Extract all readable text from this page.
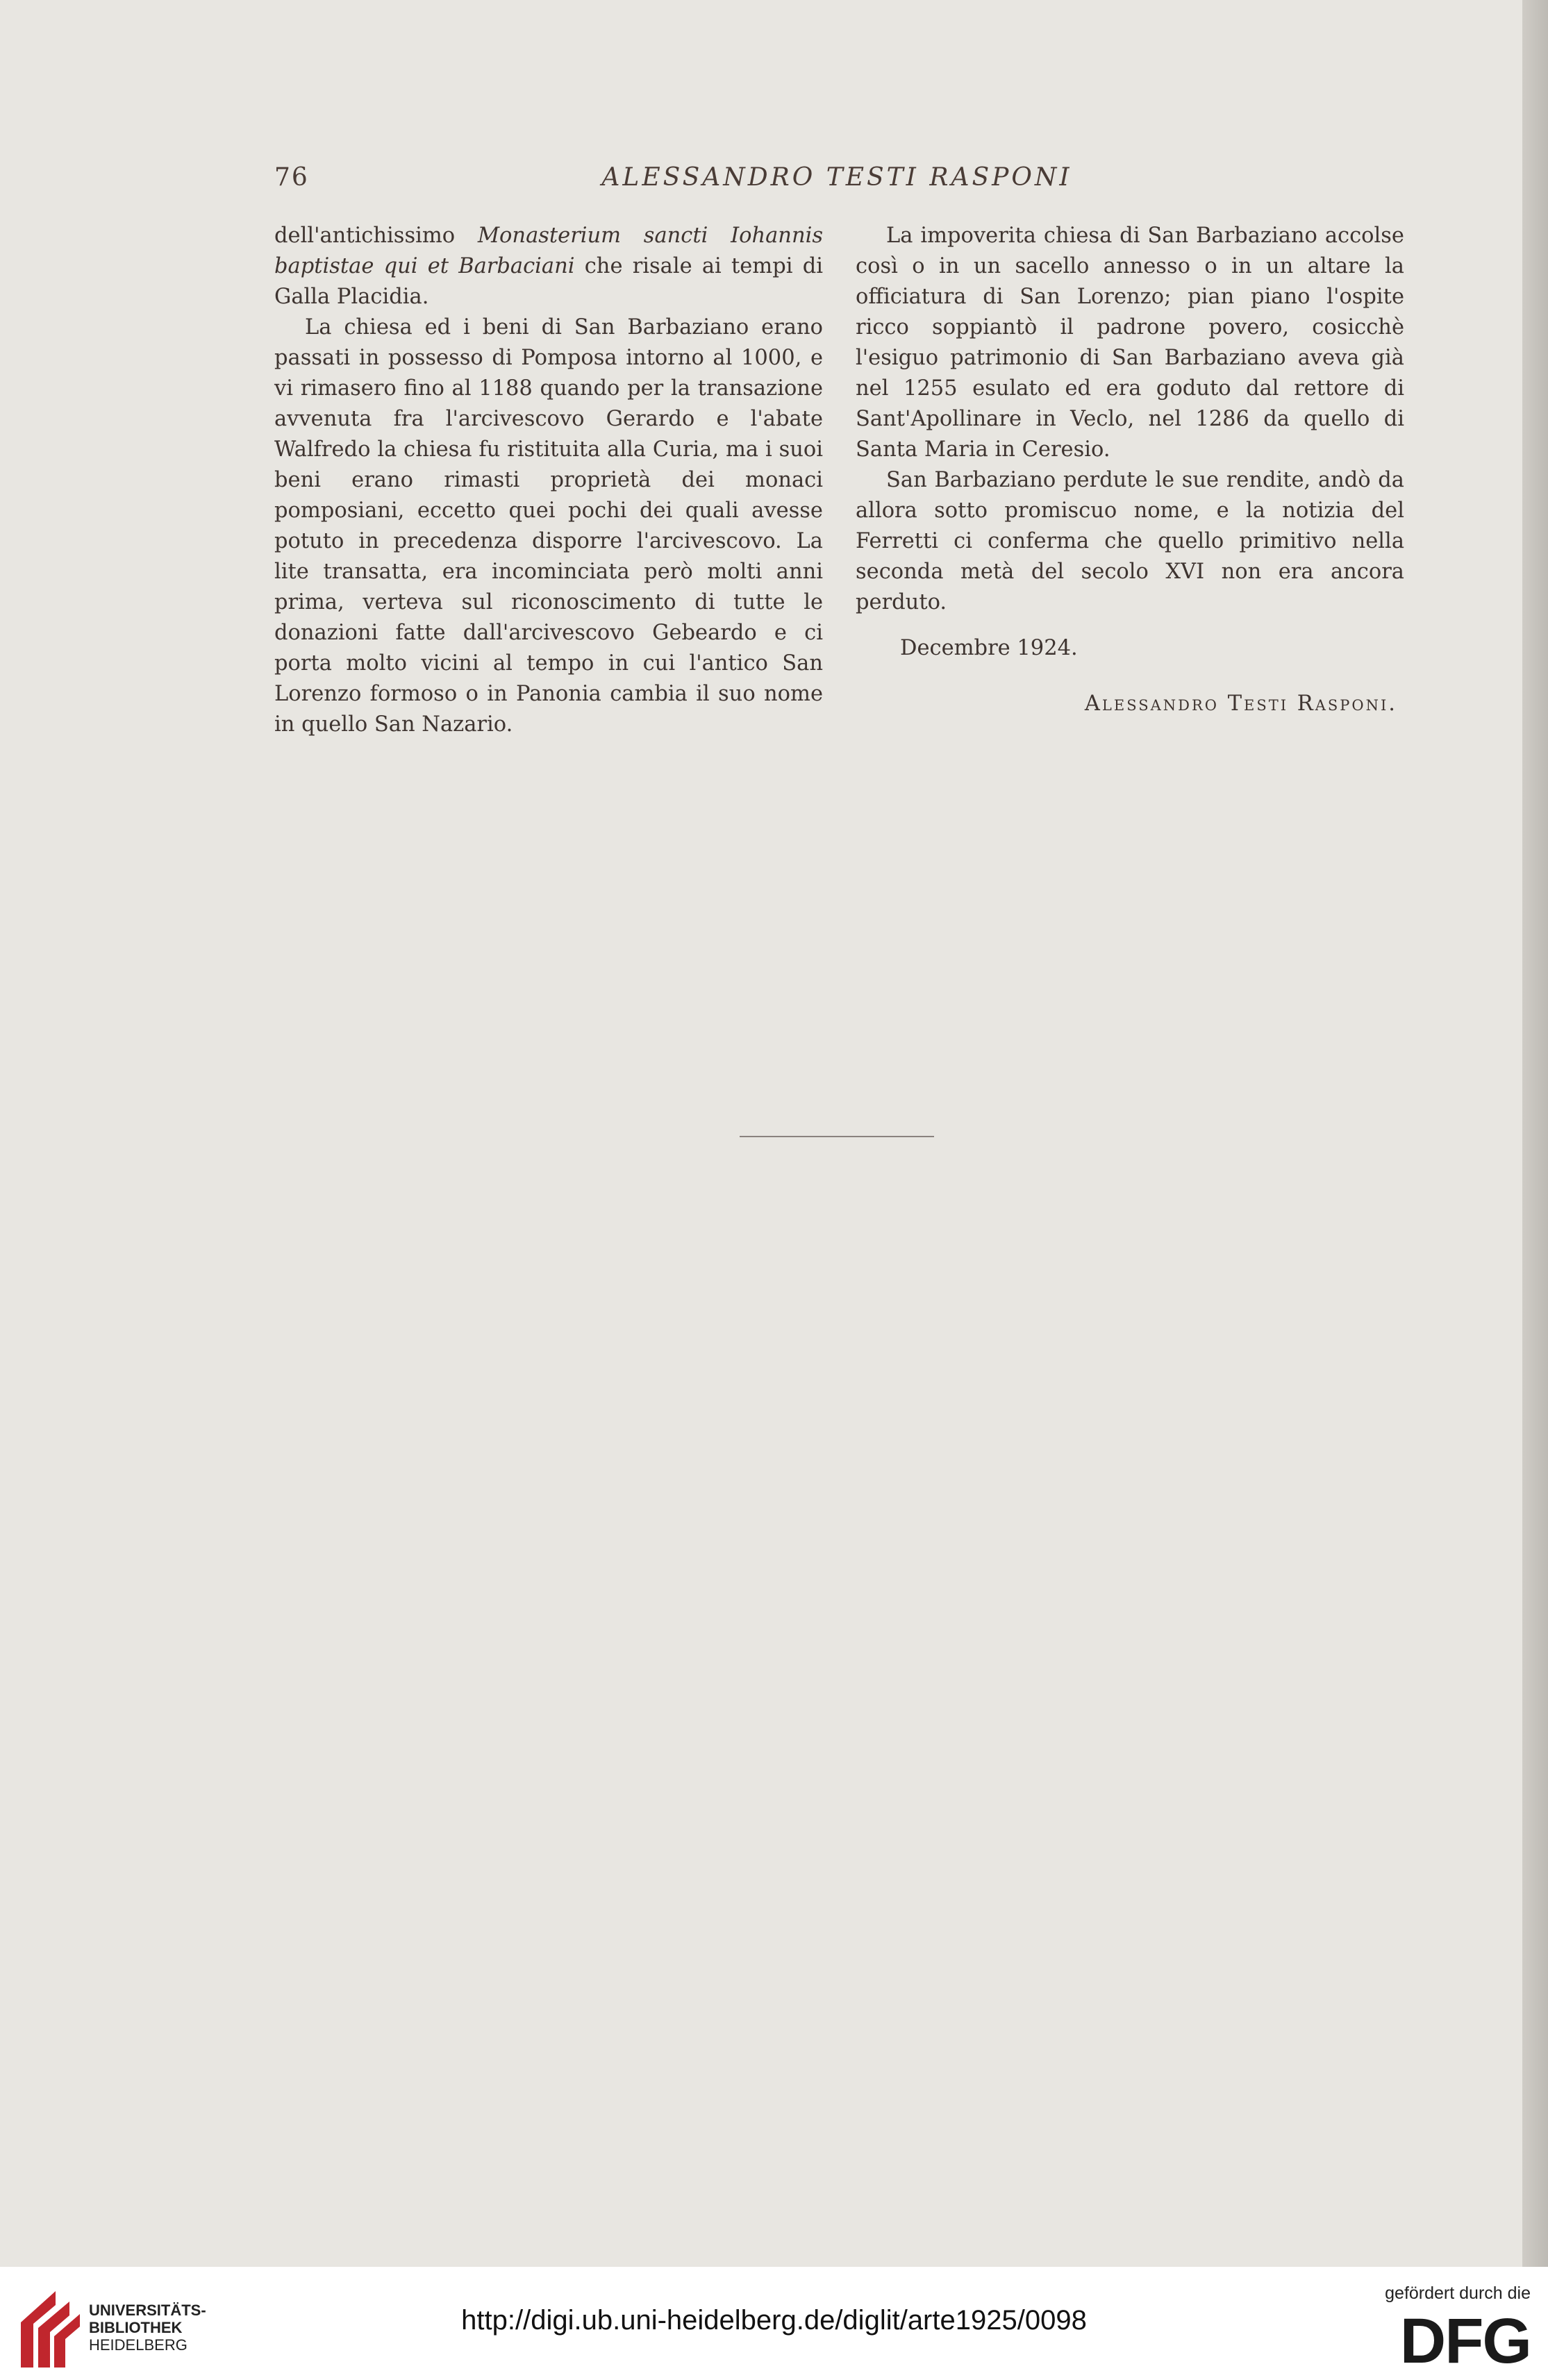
76	ALESSANDRO TESTI RASPONI

dell'antichissimo Monasterium sancti Iohannis baptistae qui et Barbaciani che risale ai tempi di Galla Placidia.

La chiesa ed i beni di San Barbaziano erano passati in possesso di Pomposa intorno al 1000, e vi rimasero fino al 1188 quando per la transazione avvenuta fra l'arcivescovo Gerardo e l'abate Walfredo la chiesa fu ristituita alla Curia, ma i suoi beni erano rimasti proprietà dei monaci pomposiani, eccetto quei pochi dei quali avesse potuto in precedenza disporre l'arcivescovo. La lite transatta, era incominciata però molti anni prima, verteva sul riconoscimento di tutte le donazioni fatte dall'arcivescovo Gebeardo e ci porta molto vicini al tempo in cui l'antico San Lorenzo formoso o in Panonia cambia il suo nome in quello San Nazario.

La impoverita chiesa di San Barbaziano accolse così o in un sacello annesso o in un altare la officiatura di San Lorenzo; pian piano l'ospite ricco soppiantò il padrone povero, cosicchè l'esiguo patrimonio di San Barbaziano aveva già nel 1255 esulato ed era goduto dal rettore di Sant'Apollinare in Veclo, nel 1286 da quello di Santa Maria in Ceresio.

San Barbaziano perdute le sue rendite, andò da allora sotto promiscuo nome, e la notizia del Ferretti ci conferma che quello primitivo nella seconda metà del secolo XVI non era ancora perduto.

Decembre 1924.

Alessandro Testi Rasponi.
UNIVERSITÄTS-
BIBLIOTHEK
HEIDELBERG
http://digi.ub.uni-heidelberg.de/diglit/arte1925/0098
gefördert durch die
DFG
